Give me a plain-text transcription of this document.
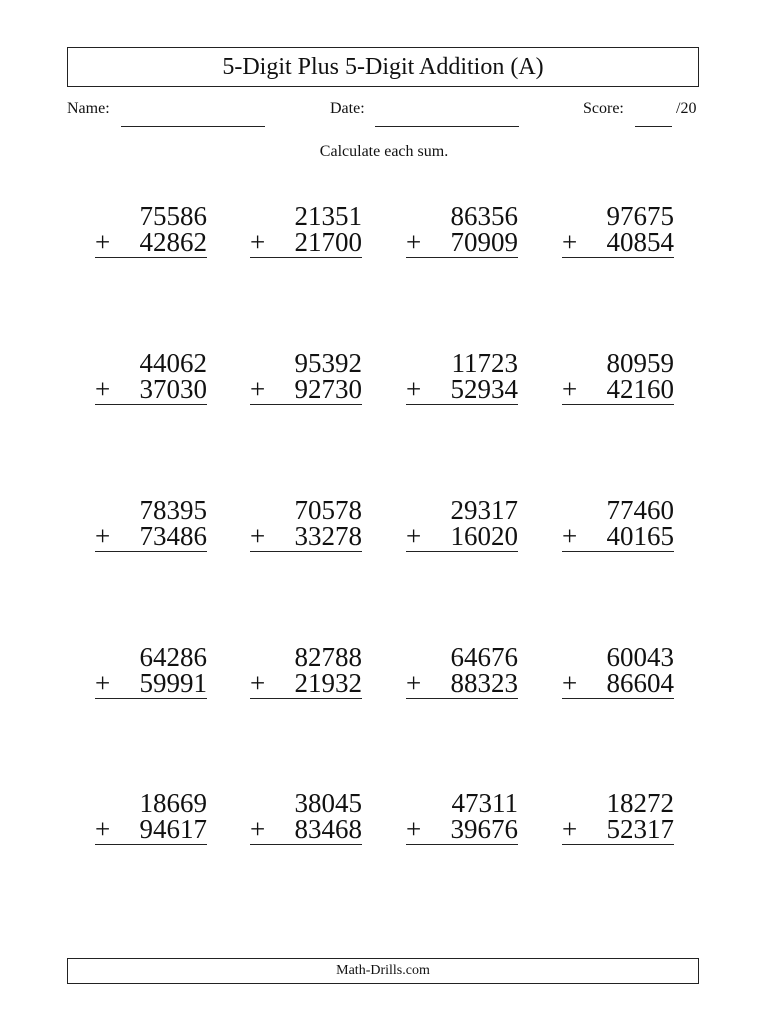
5-Digit Plus 5-Digit Addition (A)
Name:	Date:	Score:	/20
Calculate each sum.
75586
+ 42862
21351
+ 21700
86356
+ 70909
97675
+ 40854
44062
+ 37030
95392
+ 92730
11723
+ 52934
80959
+ 42160
78395
+ 73486
70578
+ 33278
29317
+ 16020
77460
+ 40165
64286
+ 59991
82788
+ 21932
64676
+ 88323
60043
+ 86604
18669
+ 94617
38045
+ 83468
47311
+ 39676
18272
+ 52317
Math-Drills.com
